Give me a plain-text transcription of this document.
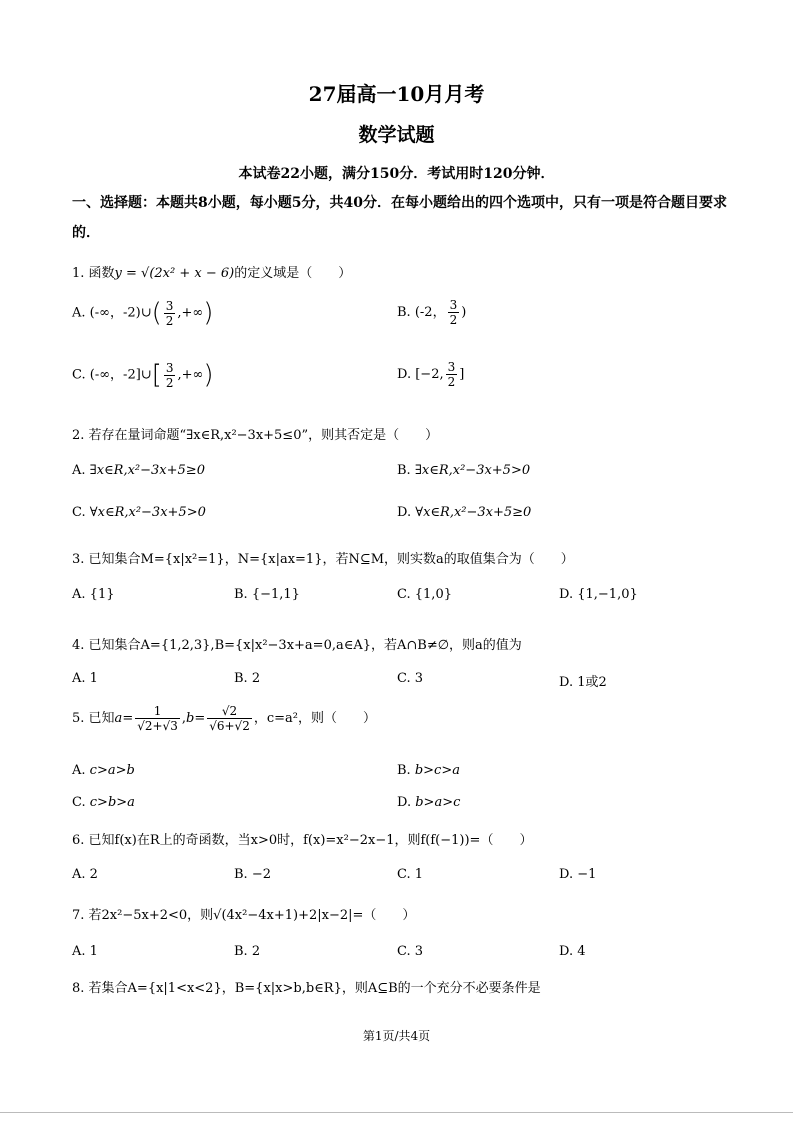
27届高一10月月考
数学试题
本试卷22小题，满分150分．考试用时120分钟．
一、选择题：本题共8小题，每小题5分，共40分．在每小题给出的四个选项中，只有一项是符合题目要求的．
1. 函数y = √(2x² + x − 6)的定义域是（　　）
A. (-∞，-2)∪( $\frac{3}{2}$ ,+∞)	B. (-2， $\frac{3}{2}$ )
C. (-∞，-2]∪[ $\frac{3}{2}$ ,+∞)	D. [−2, $\frac{3}{2}$ ]
2. 若存在量词命题“∃x∈R,x²−3x+5≤0”，则其否定是（　　）
A. ∃x∈R,x²−3x+5≥0	B. ∃x∈R,x²−3x+5>0
C. ∀x∈R,x²−3x+5>0	D. ∀x∈R,x²−3x+5≥0
3. 已知集合M={x|x²=1}，N={x|ax=1}，若N⊆M，则实数a的取值集合为（　　）
A. {1}	B. {−1,1}	C. {1,0}	D. {1,−1,0}
4. 已知集合A={1,2,3},B={x|x²−3x+a=0,a∈A}，若A∩B≠∅，则a的值为
A. 1	B. 2	C. 3	D. 1或2
5. 已知$a= \frac{1}{√2+√3} ,b= \frac{√2}{√6+√2}$ ，c=a²，则（　　）
A. c>a>b	B. b>c>a
C. c>b>a	D. b>a>c
6. 已知f(x)在R上的奇函数，当x>0时，f(x)=x²−2x−1，则f(f(−1))=（　　）
A. 2	B. −2	C. 1	D. −1
7. 若2x²−5x+2<0，则√(4x²−4x+1)+2|x−2|=（　　）
A. 1	B. 2	C. 3	D. 4
8. 若集合A={x|1<x<2}，B={x|x>b,b∈R}，则A⊆B的一个充分不必要条件是
第1页/共4页
